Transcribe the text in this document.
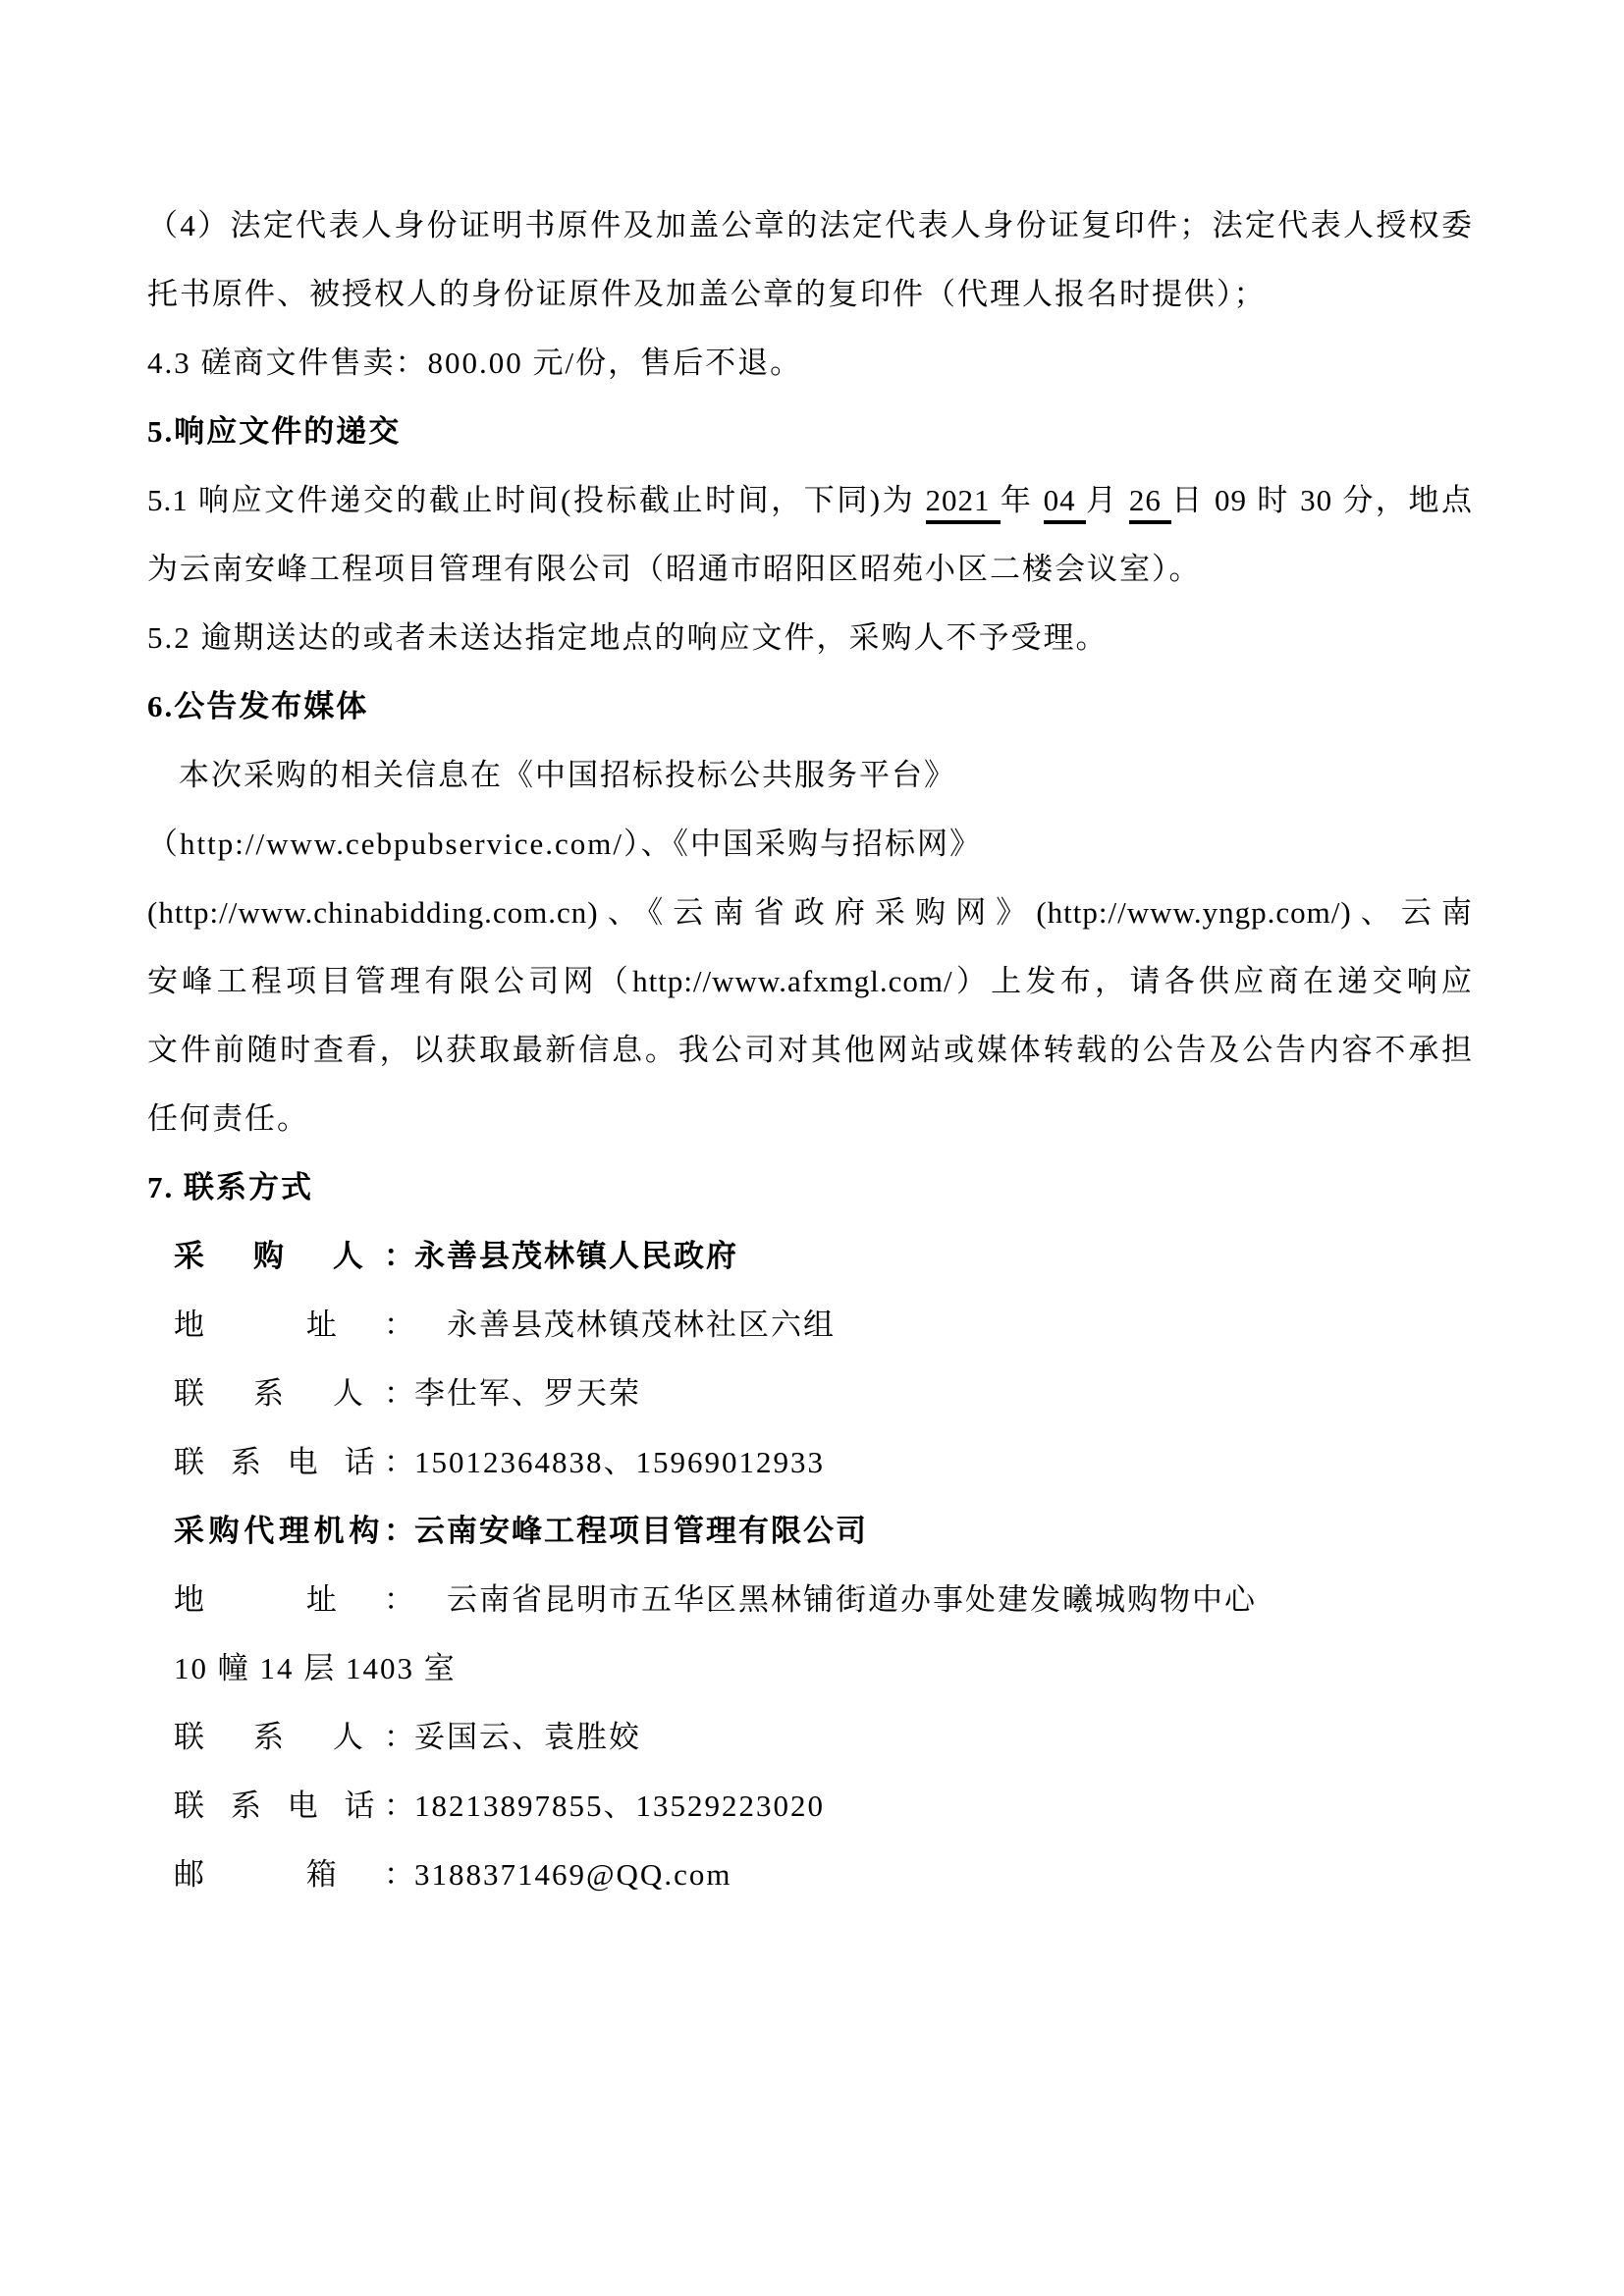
（4）法定代表人身份证明书原件及加盖公章的法定代表人身份证复印件；法定代表人授权委
托书原件、被授权人的身份证原件及加盖公章的复印件（代理人报名时提供）；
4.3 磋商文件售卖：800.00 元/份，售后不退。
5.响应文件的递交
5.1 响应文件递交的截止时间(投标截止时间，下同)为 2021 年 04 月 26 日 09 时 30 分，地点
为云南安峰工程项目管理有限公司（昭通市昭阳区昭苑小区二楼会议室）。
5.2 逾期送达的或者未送达指定地点的响应文件，采购人不予受理。
6.公告发布媒体
本次采购的相关信息在《中国招标投标公共服务平台》
（http://www.cebpubservice.com/）、《中国采购与招标网》
(http://www.chinabidding.com.cn)、《云南省政府采购网》(http://www.yngp.com/)、云南
安峰工程项目管理有限公司网（http://www.afxmgl.com/）上发布，请各供应商在递交响应
文件前随时查看，以获取最新信息。我公司对其他网站或媒体转载的公告及公告内容不承担
任何责任。
7. 联系方式
采 购 人： 永善县茂林镇人民政府
地 址： 　永善县茂林镇茂林社区六组
联 系 人： 李仕军、罗天荣
联 系 电 话： 15012364838、15969012933
采购代理机构： 云南安峰工程项目管理有限公司
地 址： 　云南省昆明市五华区黑林铺街道办事处建发曦城购物中心
10 幢 14 层 1403 室
联 系 人： 妥国云、袁胜姣
联 系 电 话： 18213897855、13529223020
邮 箱： 3188371469@QQ.com
